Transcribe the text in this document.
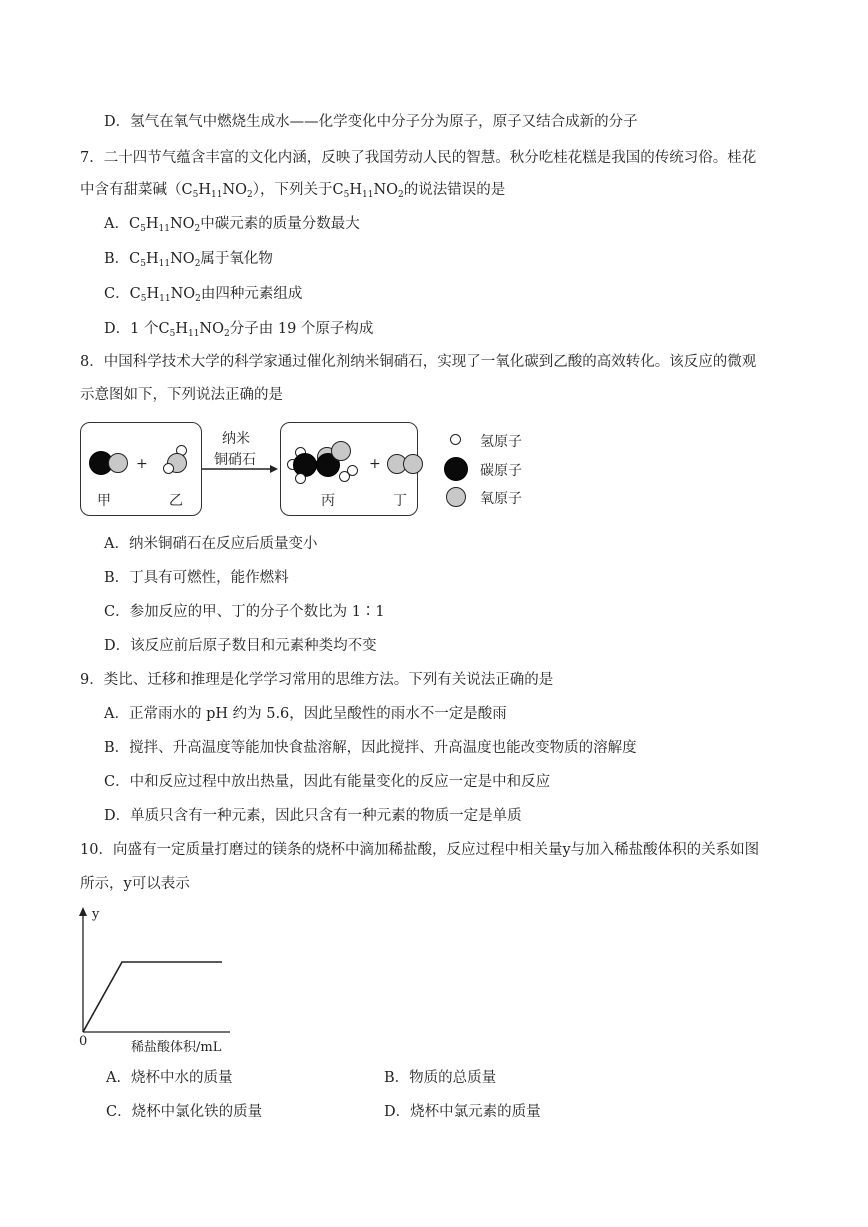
D．氢气在氧气中燃烧生成水——化学变化中分子分为原子，原子又结合成新的分子
7．二十四节气蕴含丰富的文化内涵，反映了我国劳动人民的智慧。秋分吃桂花糕是我国的传统习俗。桂花
中含有甜菜碱$(C_5H_{11}NO_2)$，下列关于$C_5H_{11}NO_2$的说法错误的是
A．$C_5H_{11}NO_2$中碳元素的质量分数最大
B．$C_5H_{11}NO_2$属于氧化物
C．$C_5H_{11}NO_2$由四种元素组成
D．1 个$C_5H_{11}NO_2$分子由 19 个原子构成
8．中国科学技术大学的科学家通过催化剂纳米铜硝石，实现了一氧化碳到乙酸的高效转化。该反应的微观
示意图如下，下列说法正确的是
+
甲	乙
纳米
铜硝石	+
丙	丁
氢原子
碳原子
氧原子
A．纳米铜硝石在反应后质量变小
B．丁具有可燃性，能作燃料
C．参加反应的甲、丁的分子个数比为 1∶1
D．该反应前后原子数目和元素种类均不变
9．类比、迁移和推理是化学学习常用的思维方法。下列有关说法正确的是
A．正常雨水的 pH 约为 5.6，因此呈酸性的雨水不一定是酸雨
B．搅拌、升高温度等能加快食盐溶解，因此搅拌、升高温度也能改变物质的溶解度
C．中和反应过程中放出热量，因此有能量变化的反应一定是中和反应
D．单质只含有一种元素，因此只含有一种元素的物质一定是单质
10．向盛有一定质量打磨过的镁条的烧杯中滴加稀盐酸，反应过程中相关量y与加入稀盐酸体积的关系如图
所示，y可以表示
y
0	稀盐酸体积/mL
A．烧杯中水的质量	B．物质的总质量
C．烧杯中氯化铁的质量	D．烧杯中氯元素的质量
